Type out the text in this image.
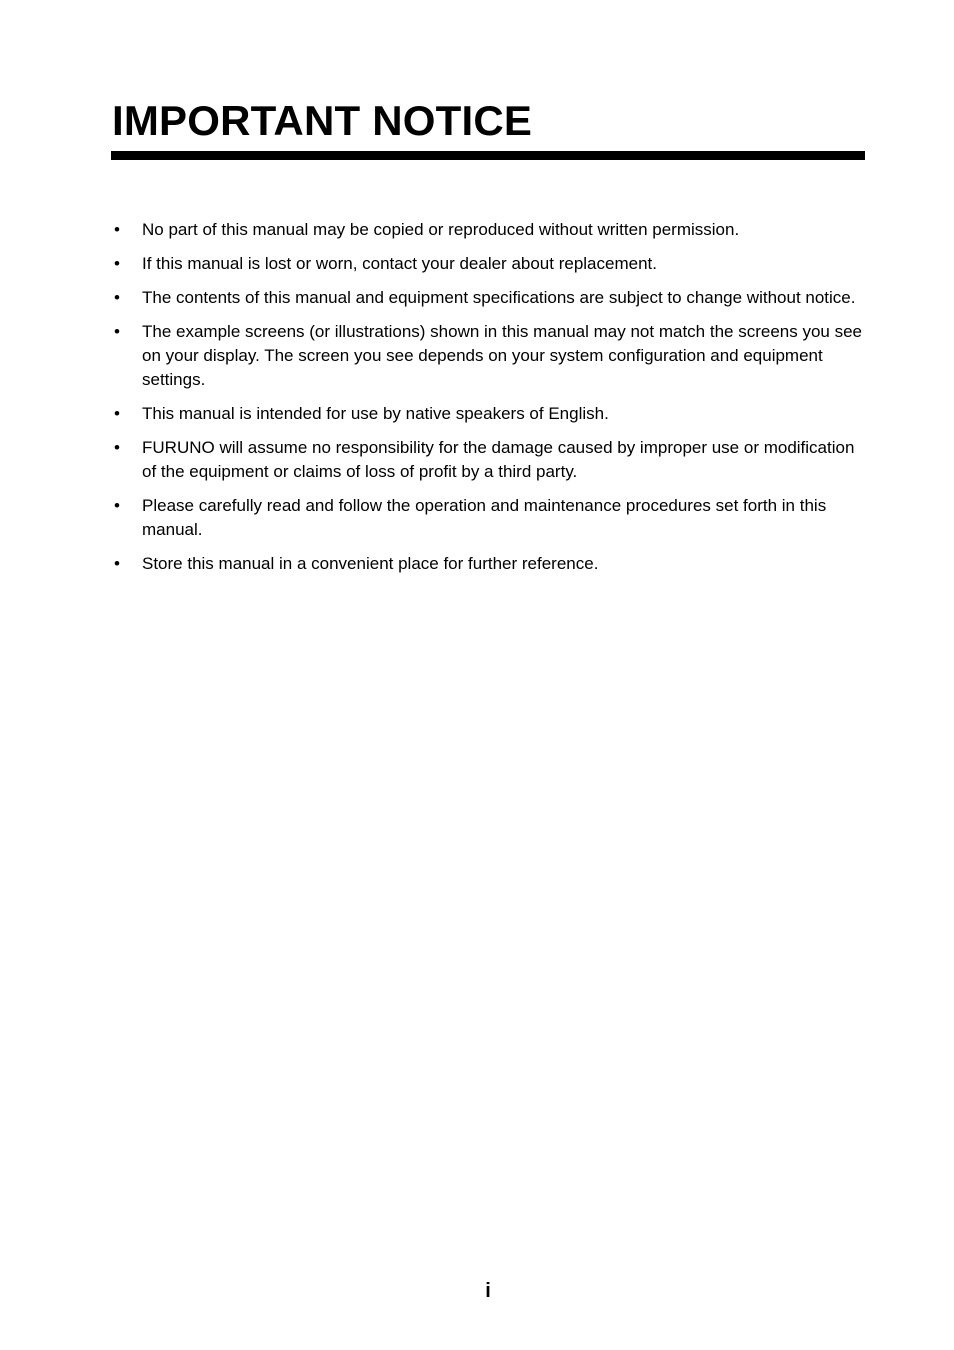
IMPORTANT NOTICE
• No part of this manual may be copied or reproduced without written permission.
• If this manual is lost or worn, contact your dealer about replacement.
• The contents of this manual and equipment specifications are subject to change without notice.
• The example screens (or illustrations) shown in this manual may not match the screens you see on your display. The screen you see depends on your system configuration and equipment settings.
• This manual is intended for use by native speakers of English.
• FURUNO will assume no responsibility for the damage caused by improper use or modification of the equipment or claims of loss of profit by a third party.
• Please carefully read and follow the operation and maintenance procedures set forth in this manual.
• Store this manual in a convenient place for further reference.
i
